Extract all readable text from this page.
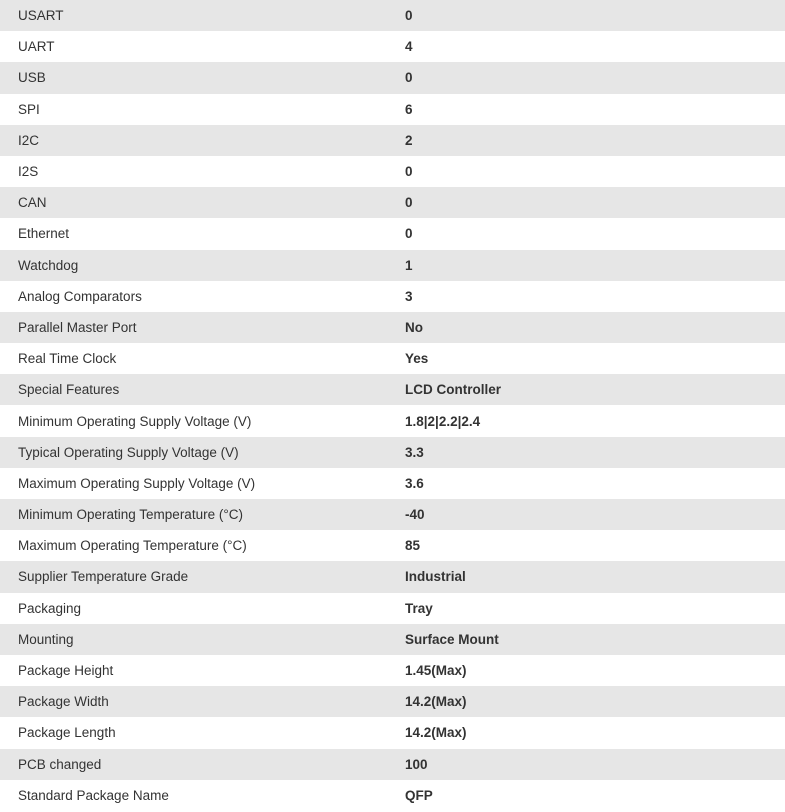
USART	0
UART	4
USB	0
SPI	6
I2C	2
I2S	0
CAN	0
Ethernet	0
Watchdog	1
Analog Comparators	3
Parallel Master Port	No
Real Time Clock	Yes
Special Features	LCD Controller
Minimum Operating Supply Voltage (V)	1.8|2|2.2|2.4
Typical Operating Supply Voltage (V)	3.3
Maximum Operating Supply Voltage (V)	3.6
Minimum Operating Temperature (°C)	-40
Maximum Operating Temperature (°C)	85
Supplier Temperature Grade	Industrial
Packaging	Tray
Mounting	Surface Mount
Package Height	1.45(Max)
Package Width	14.2(Max)
Package Length	14.2(Max)
PCB changed	100
Standard Package Name	QFP
